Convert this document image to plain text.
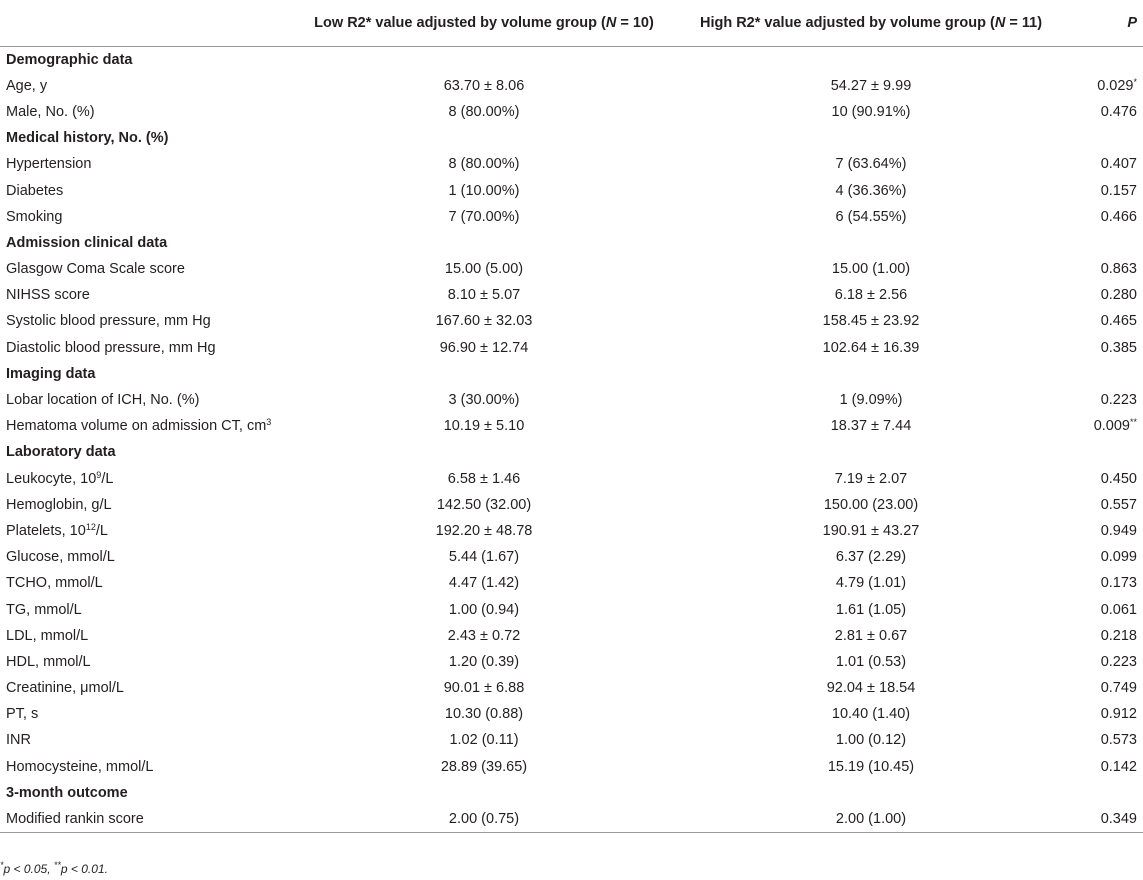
	Low R2* value adjusted by volume group (N = 10)	High R2* value adjusted by volume group (N = 11)	P
Demographic data			
Age, y	63.70 ± 8.06	54.27 ± 9.99	0.029*
Male, No. (%)	8 (80.00%)	10 (90.91%)	0.476
Medical history, No. (%)			
Hypertension	8 (80.00%)	7 (63.64%)	0.407
Diabetes	1 (10.00%)	4 (36.36%)	0.157
Smoking	7 (70.00%)	6 (54.55%)	0.466
Admission clinical data			
Glasgow Coma Scale score	15.00 (5.00)	15.00 (1.00)	0.863
NIHSS score	8.10 ± 5.07	6.18 ± 2.56	0.280
Systolic blood pressure, mm Hg	167.60 ± 32.03	158.45 ± 23.92	0.465
Diastolic blood pressure, mm Hg	96.90 ± 12.74	102.64 ± 16.39	0.385
Imaging data			
Lobar location of ICH, No. (%)	3 (30.00%)	1 (9.09%)	0.223
Hematoma volume on admission CT, $cm^3$	10.19 ± 5.10	18.37 ± 7.44	0.009**
Laboratory data			
Leukocyte, $10^9/L$	6.58 ± 1.46	7.19 ± 2.07	0.450
Hemoglobin, g/L	142.50 (32.00)	150.00 (23.00)	0.557
Platelets, $10^{12}/L$	192.20 ± 48.78	190.91 ± 43.27	0.949
Glucose, mmol/L	5.44 (1.67)	6.37 (2.29)	0.099
TCHO, mmol/L	4.47 (1.42)	4.79 (1.01)	0.173
TG, mmol/L	1.00 (0.94)	1.61 (1.05)	0.061
LDL, mmol/L	2.43 ± 0.72	2.81 ± 0.67	0.218
HDL, mmol/L	1.20 (0.39)	1.01 (0.53)	0.223
Creatinine, μmol/L	90.01 ± 6.88	92.04 ± 18.54	0.749
PT, s	10.30 (0.88)	10.40 (1.40)	0.912
INR	1.02 (0.11)	1.00 (0.12)	0.573
Homocysteine, mmol/L	28.89 (39.65)	15.19 (10.45)	0.142
3-month outcome			
Modified rankin score	2.00 (0.75)	2.00 (1.00)	0.349
*p < 0.05, **p < 0.01.
